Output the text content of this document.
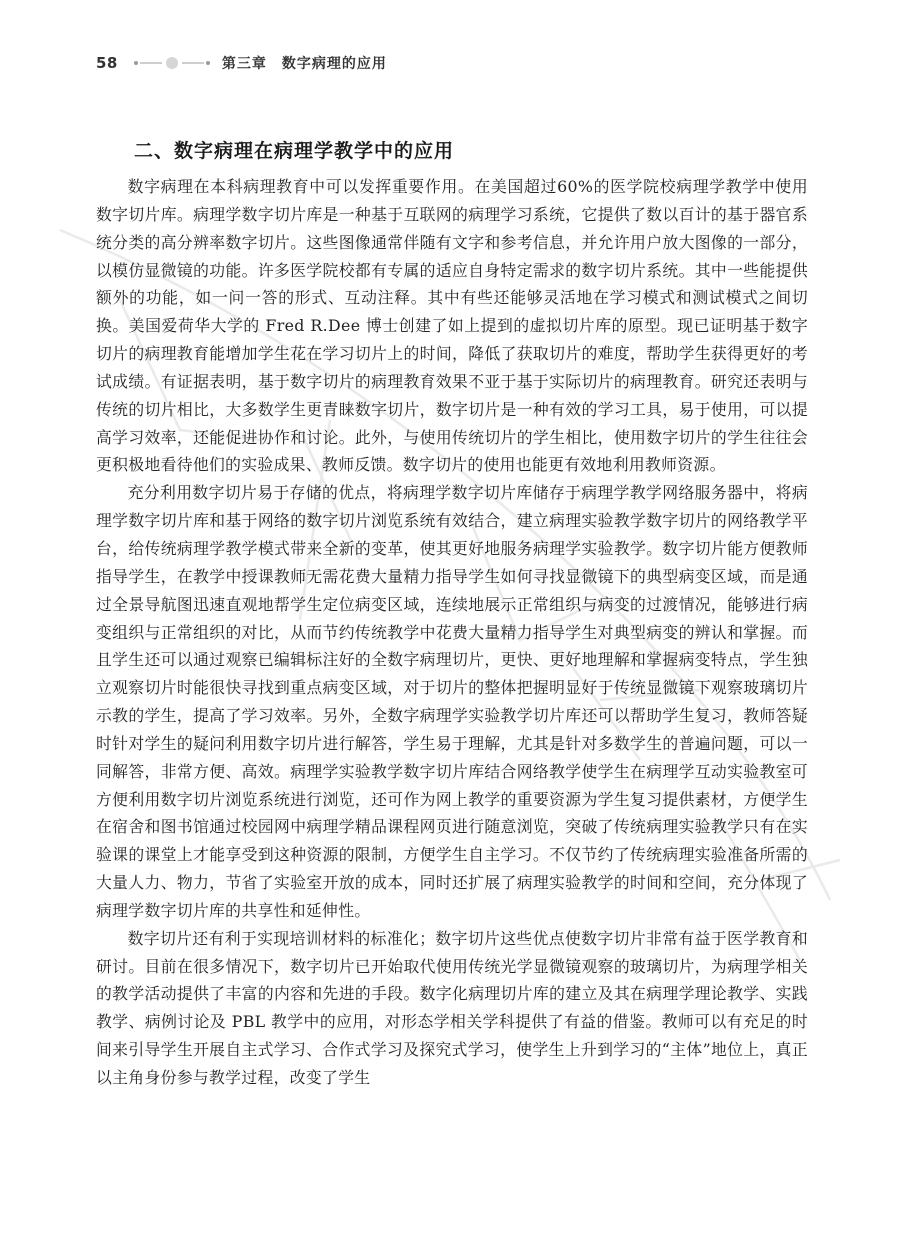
58	第三章　数字病理的应用
二、数字病理在病理学教学中的应用

数字病理在本科病理教育中可以发挥重要作用。在美国超过60%的医学院校病理学教学中使用数字切片库。病理学数字切片库是一种基于互联网的病理学习系统，它提供了数以百计的基于器官系统分类的高分辨率数字切片。这些图像通常伴随有文字和参考信息，并允许用户放大图像的一部分，以模仿显微镜的功能。许多医学院校都有专属的适应自身特定需求的数字切片系统。其中一些能提供额外的功能，如一问一答的形式、互动注释。其中有些还能够灵活地在学习模式和测试模式之间切换。美国爱荷华大学的 Fred R.Dee 博士创建了如上提到的虚拟切片库的原型。现已证明基于数字切片的病理教育能增加学生花在学习切片上的时间，降低了获取切片的难度，帮助学生获得更好的考试成绩。有证据表明，基于数字切片的病理教育效果不亚于基于实际切片的病理教育。研究还表明与传统的切片相比，大多数学生更青睐数字切片，数字切片是一种有效的学习工具，易于使用，可以提高学习效率，还能促进协作和讨论。此外，与使用传统切片的学生相比，使用数字切片的学生往往会更积极地看待他们的实验成果、教师反馈。数字切片的使用也能更有效地利用教师资源。

充分利用数字切片易于存储的优点，将病理学数字切片库储存于病理学教学网络服务器中，将病理学数字切片库和基于网络的数字切片浏览系统有效结合，建立病理实验教学数字切片的网络教学平台，给传统病理学教学模式带来全新的变革，使其更好地服务病理学实验教学。数字切片能方便教师指导学生，在教学中授课教师无需花费大量精力指导学生如何寻找显微镜下的典型病变区域，而是通过全景导航图迅速直观地帮学生定位病变区域，连续地展示正常组织与病变的过渡情况，能够进行病变组织与正常组织的对比，从而节约传统教学中花费大量精力指导学生对典型病变的辨认和掌握。而且学生还可以通过观察已编辑标注好的全数字病理切片，更快、更好地理解和掌握病变特点，学生独立观察切片时能很快寻找到重点病变区域，对于切片的整体把握明显好于传统显微镜下观察玻璃切片示教的学生，提高了学习效率。另外，全数字病理学实验教学切片库还可以帮助学生复习，教师答疑时针对学生的疑问利用数字切片进行解答，学生易于理解，尤其是针对多数学生的普遍问题，可以一同解答，非常方便、高效。病理学实验教学数字切片库结合网络教学使学生在病理学互动实验教室可方便利用数字切片浏览系统进行浏览，还可作为网上教学的重要资源为学生复习提供素材，方便学生在宿舍和图书馆通过校园网中病理学精品课程网页进行随意浏览，突破了传统病理实验教学只有在实验课的课堂上才能享受到这种资源的限制，方便学生自主学习。不仅节约了传统病理实验准备所需的大量人力、物力，节省了实验室开放的成本，同时还扩展了病理实验教学的时间和空间，充分体现了病理学数字切片库的共享性和延伸性。

数字切片还有利于实现培训材料的标准化；数字切片这些优点使数字切片非常有益于医学教育和研讨。目前在很多情况下，数字切片已开始取代使用传统光学显微镜观察的玻璃切片，为病理学相关的教学活动提供了丰富的内容和先进的手段。数字化病理切片库的建立及其在病理学理论教学、实践教学、病例讨论及 PBL 教学中的应用，对形态学相关学科提供了有益的借鉴。教师可以有充足的时间来引导学生开展自主式学习、合作式学习及探究式学习，使学生上升到学习的“主体”地位上，真正以主角身份参与教学过程，改变了学生
